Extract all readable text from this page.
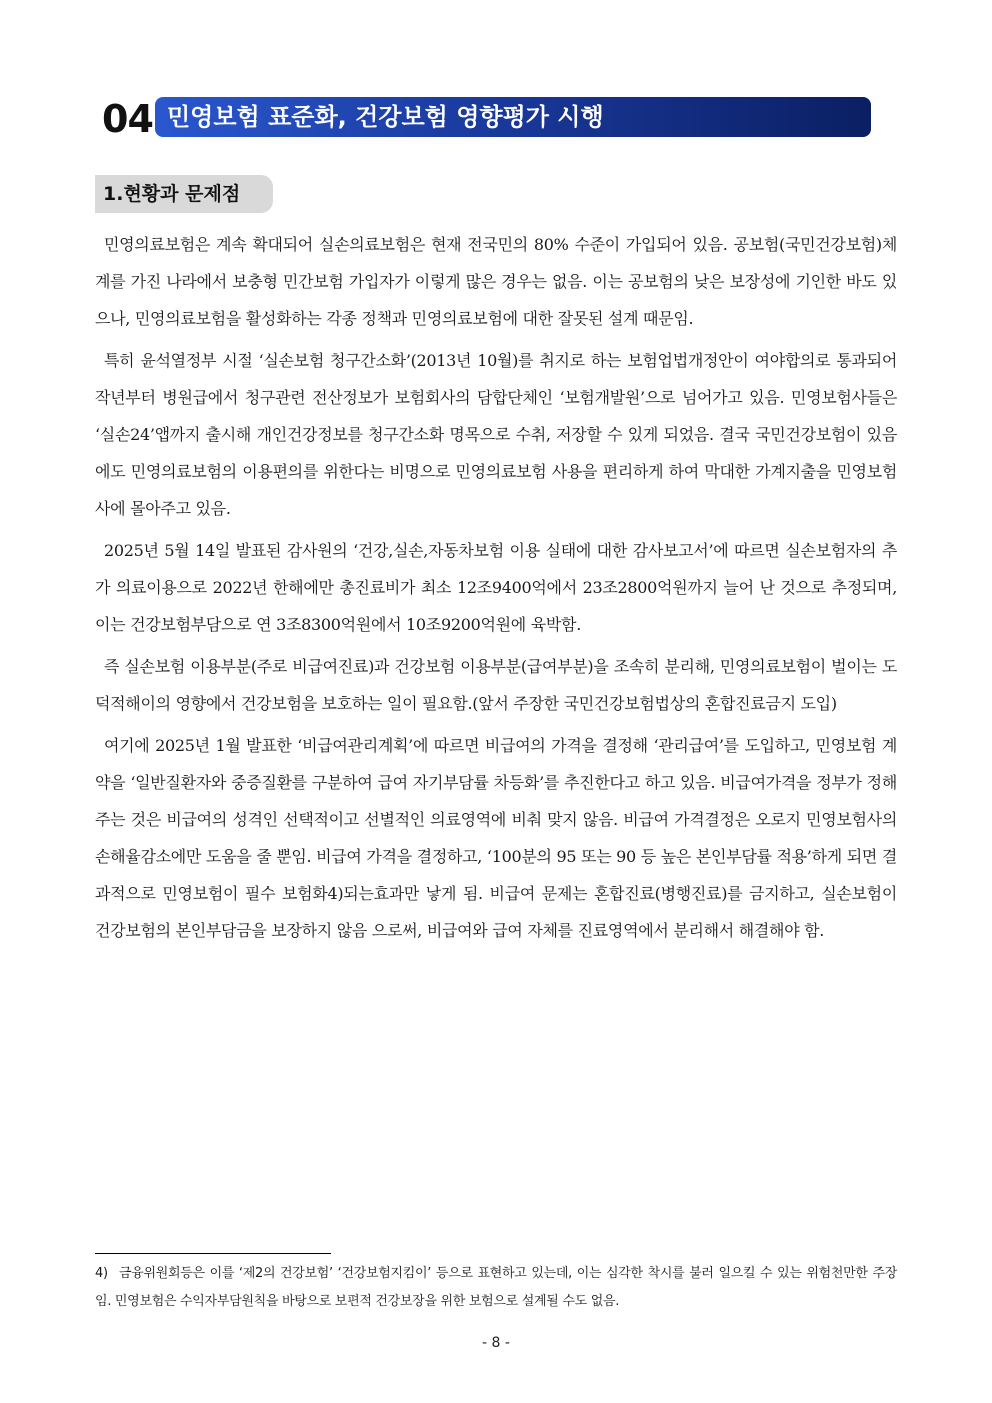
04 민영보험 표준화, 건강보험 영향평가 시행
1.현황과 문제점

민영의료보험은 계속 확대되어 실손의료보험은 현재 전국민의 80% 수준이 가입되어 있음. 공보험(국민건강보험)체계를 가진 나라에서 보충형 민간보험 가입자가 이렇게 많은 경우는 없음. 이는 공보험의 낮은 보장성에 기인한 바도 있으나, 민영의료보험을 활성화하는 각종 정책과 민영의료보험에 대한 잘못된 설계 때문임.

특히 윤석열정부 시절 ‘실손보험 청구간소화’(2013년 10월)를 취지로 하는 보험업법개정안이 여야합의로 통과되어 작년부터 병원급에서 청구관련 전산정보가 보험회사의 담합단체인 ‘보험개발원’으로 넘어가고 있음. 민영보험사들은 ‘실손24’앱까지 출시해 개인건강정보를 청구간소화 명목으로 수취, 저장할 수 있게 되었음. 결국 국민건강보험이 있음에도 민영의료보험의 이용편의를 위한다는 비명으로 민영의료보험 사용을 편리하게 하여 막대한 가계지출을 민영보험사에 몰아주고 있음.

2025년 5월 14일 발표된 감사원의 ‘건강,실손,자동차보험 이용 실태에 대한 감사보고서’에 따르면 실손보험자의 추가 의료이용으로 2022년 한해에만 총진료비가 최소 12조9400억에서 23조2800억원까지 늘어 난 것으로 추정되며, 이는 건강보험부담으로 연 3조8300억원에서 10조9200억원에 육박함.

즉 실손보험 이용부분(주로 비급여진료)과 건강보험 이용부분(급여부분)을 조속히 분리해, 민영의료보험이 벌이는 도덕적해이의 영향에서 건강보험을 보호하는 일이 필요함.(앞서 주장한 국민건강보험법상의 혼합진료금지 도입)

여기에 2025년 1월 발표한 ‘비급여관리계획’에 따르면 비급여의 가격을 결정해 ‘관리급여’를 도입하고, 민영보험 계약을 ‘일반질환자와 중증질환를 구분하여 급여 자기부담률 차등화’를 추진한다고 하고 있음. 비급여가격을 정부가 정해주는 것은 비급여의 성격인 선택적이고 선별적인 의료영역에 비춰 맞지 않음. 비급여 가격결정은 오로지 민영보험사의 손해율감소에만 도움을 줄 뿐임. 비급여 가격을 결정하고, ‘100분의 95 또는 90 등 높은 본인부담률 적용’하게 되면 결과적으로 민영보험이 필수 보험화4)되는효과만 낳게 됨. 비급여 문제는 혼합진료(병행진료)를 금지하고, 실손보험이 건강보험의 본인부담금을 보장하지 않음 으로써, 비급여와 급여 자체를 진료영역에서 분리해서 해결해야 함.

4) 금융위원회등은 이를 ‘제2의 건강보험’ ‘건강보험지킴이’ 등으로 표현하고 있는데, 이는 심각한 착시를 불러 일으킬 수 있는 위험천만한 주장임. 민영보험은 수익자부담원칙을 바탕으로 보편적 건강보장을 위한 보험으로 설계될 수도 없음.
- 8 -
